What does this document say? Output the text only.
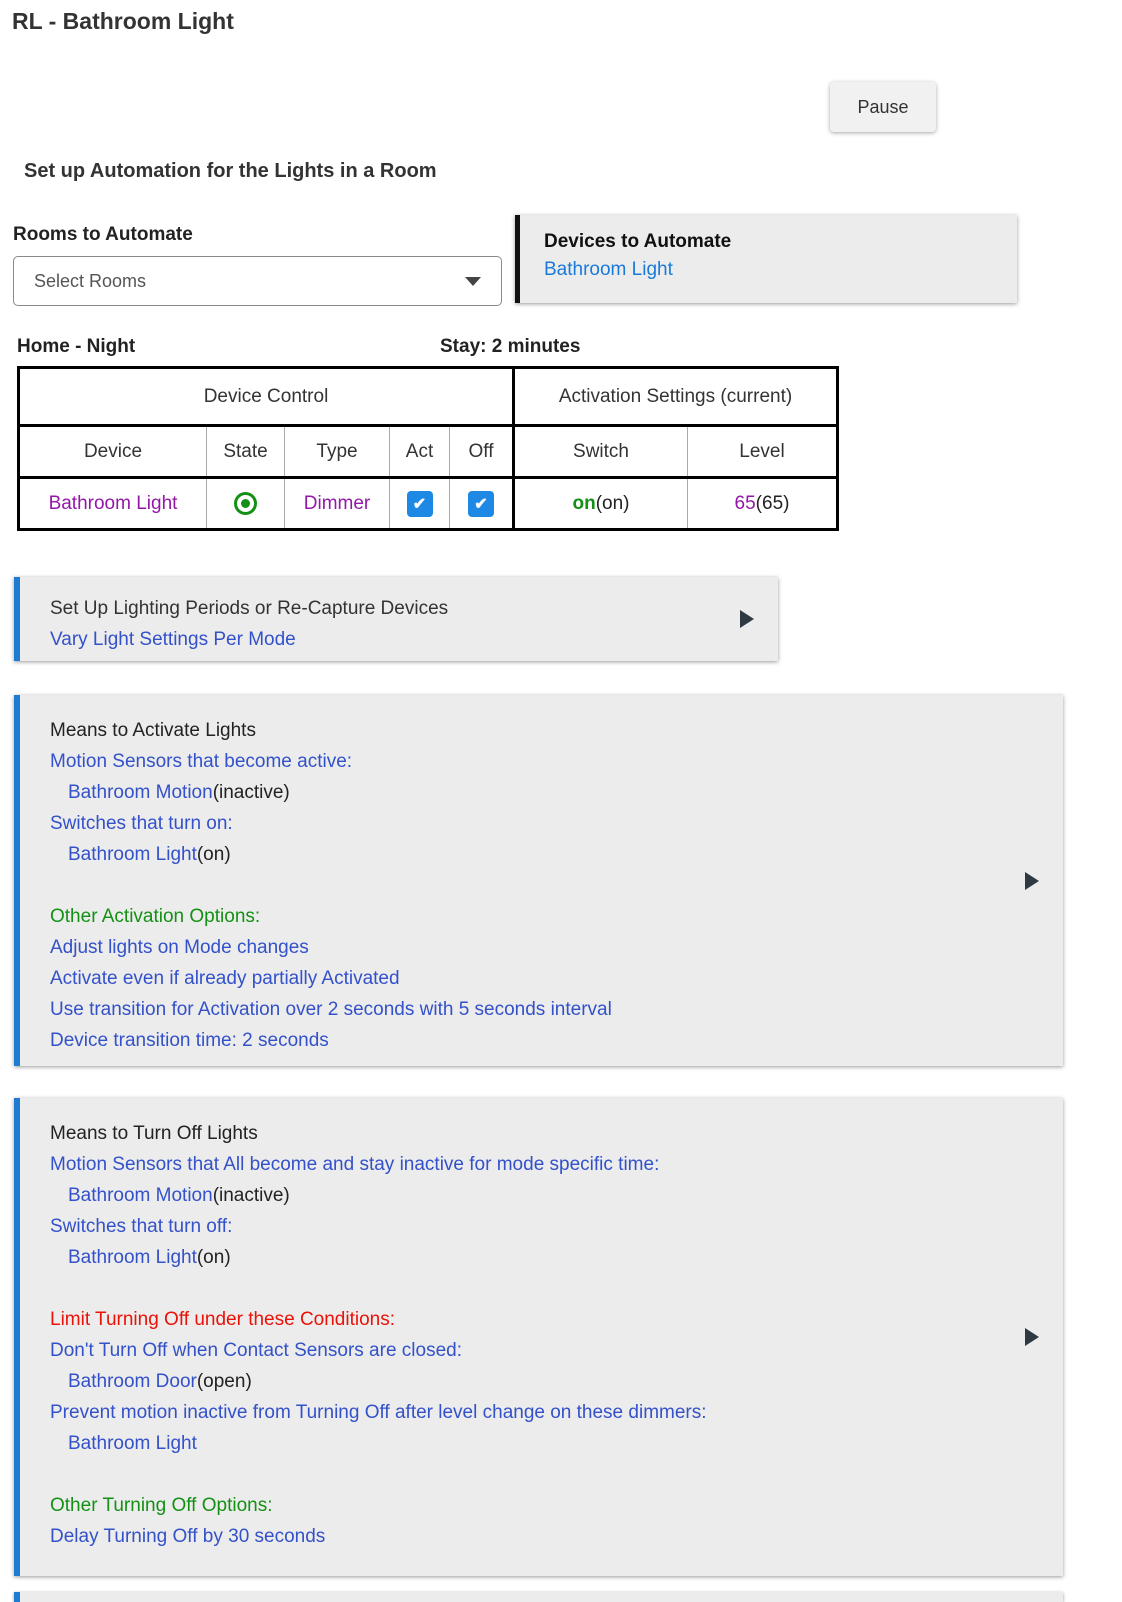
RL - Bathroom Light
Pause
Set up Automation for the Lights in a Room
Rooms to Automate
Select Rooms
Devices to Automate
Bathroom Light
Home - Night	Stay: 2 minutes
Device Control					Activation Settings (current)	
Device	State	Type	Act	Off	Switch	Level
Bathroom Light		Dimmer	✔	✔	on(on)	65(65)
Set Up Lighting Periods or Re-Capture Devices
Vary Light Settings Per Mode
Means to Activate Lights
Motion Sensors that become active:
Bathroom Motion(inactive)
Switches that turn on:
Bathroom Light(on)
Other Activation Options:
Adjust lights on Mode changes
Activate even if already partially Activated
Use transition for Activation over 2 seconds with 5 seconds interval
Device transition time: 2 seconds
Means to Turn Off Lights
Motion Sensors that All become and stay inactive for mode specific time:
Bathroom Motion(inactive)
Switches that turn off:
Bathroom Light(on)
Limit Turning Off under these Conditions:
Don't Turn Off when Contact Sensors are closed:
Bathroom Door(open)
Prevent motion inactive from Turning Off after level change on these dimmers:
Bathroom Light
Other Turning Off Options:
Delay Turning Off by 30 seconds
